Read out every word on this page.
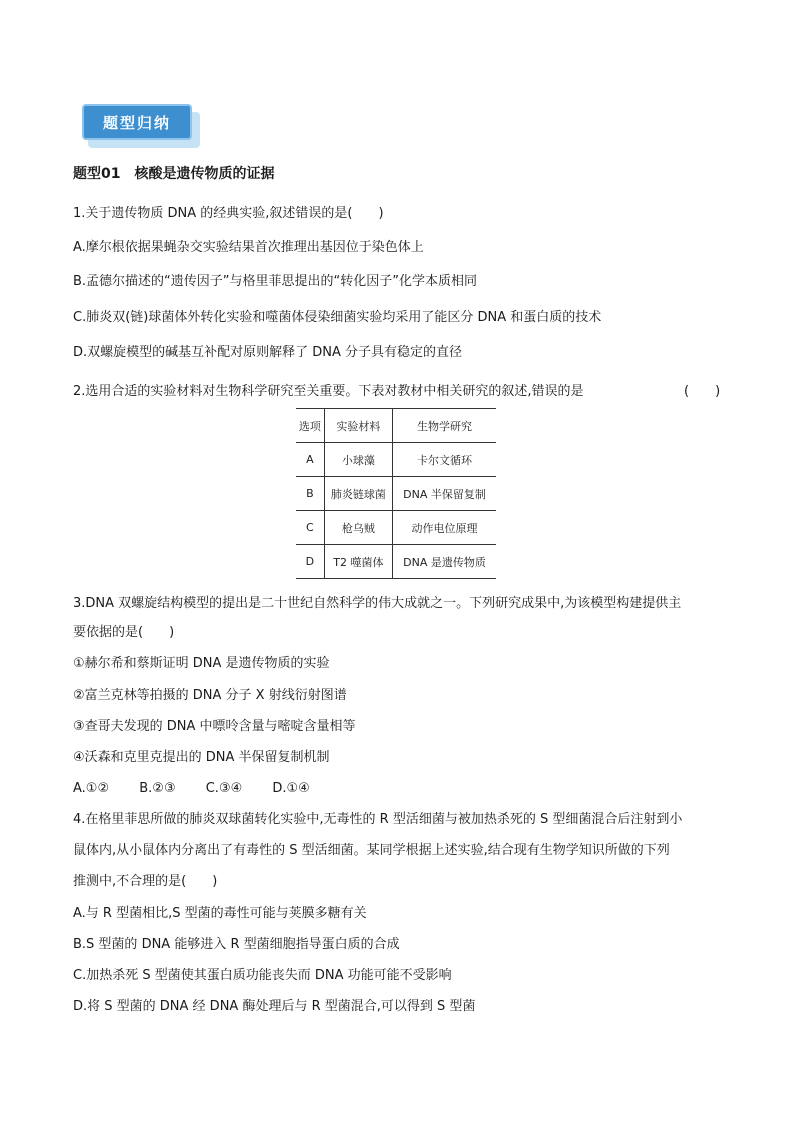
题型归纳
题型01　核酸是遗传物质的证据
1.关于遗传物质 DNA 的经典实验,叙述错误的是(　　)
A.摩尔根依据果蝇杂交实验结果首次推理出基因位于染色体上
B.孟德尔描述的“遗传因子”与格里菲思提出的“转化因子”化学本质相同
C.肺炎双(链)球菌体外转化实验和噬菌体侵染细菌实验均采用了能区分 DNA 和蛋白质的技术
D.双螺旋模型的碱基互补配对原则解释了 DNA 分子具有稳定的直径
2.选用合适的实验材料对生物科学研究至关重要。下表对教材中相关研究的叙述,错误的是	(　　)
选项	实验材料	生物学研究
A	小球藻	卡尔文循环
B	肺炎链球菌	DNA 半保留复制
C	枪乌贼	动作电位原理
D	T2 噬菌体	DNA 是遗传物质
3.DNA 双螺旋结构模型的提出是二十世纪自然科学的伟大成就之一。下列研究成果中,为该模型构建提供主
要依据的是(　　)
①赫尔希和蔡斯证明 DNA 是遗传物质的实验
②富兰克林等拍摄的 DNA 分子 X 射线衍射图谱
③查哥夫发现的 DNA 中嘌呤含量与嘧啶含量相等
④沃森和克里克提出的 DNA 半保留复制机制
A.①②　　 B.②③　　 C.③④　　 D.①④
4.在格里菲思所做的肺炎双球菌转化实验中,无毒性的 R 型活细菌与被加热杀死的 S 型细菌混合后注射到小
鼠体内,从小鼠体内分离出了有毒性的 S 型活细菌。某同学根据上述实验,结合现有生物学知识所做的下列
推测中,不合理的是(　　)
A.与 R 型菌相比,S 型菌的毒性可能与荚膜多糖有关
B.S 型菌的 DNA 能够进入 R 型菌细胞指导蛋白质的合成
C.加热杀死 S 型菌使其蛋白质功能丧失而 DNA 功能可能不受影响
D.将 S 型菌的 DNA 经 DNA 酶处理后与 R 型菌混合,可以得到 S 型菌
